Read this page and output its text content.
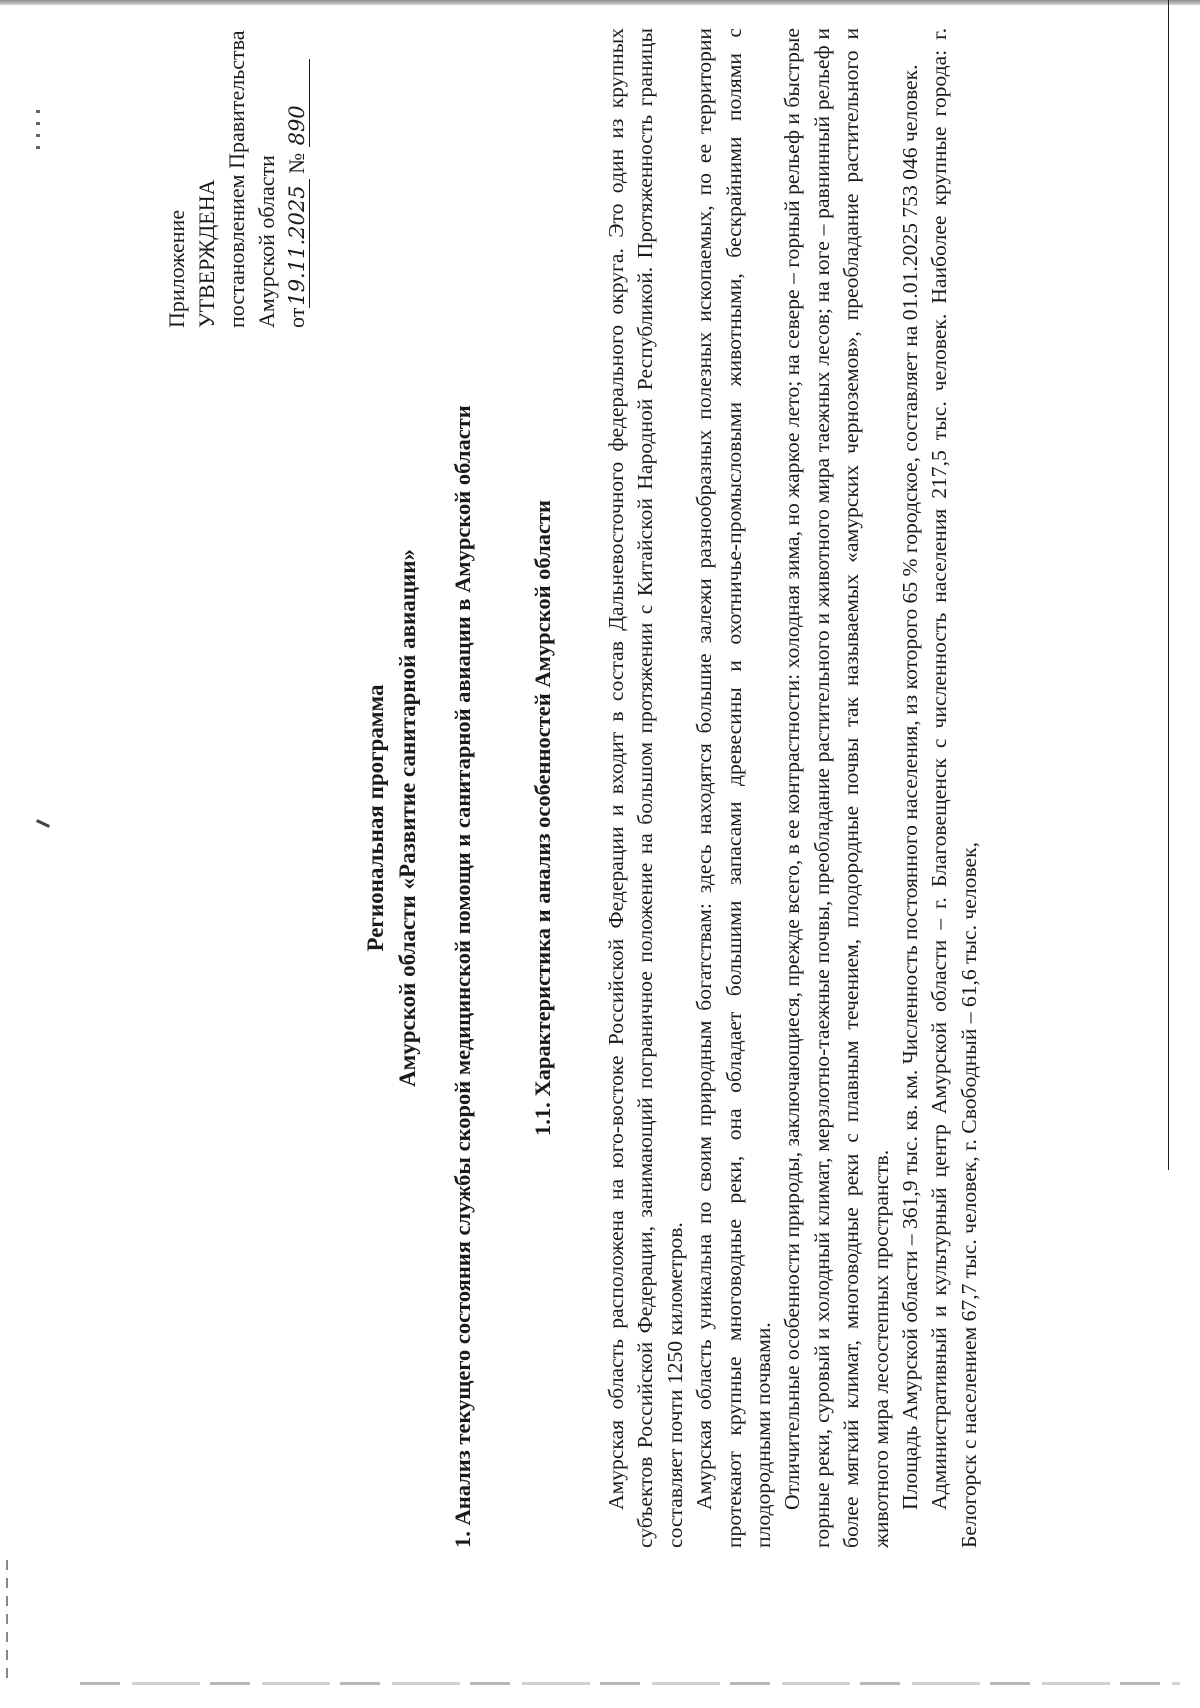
Приложение УТВЕРЖДЕНА постановлением Правительства Амурской области от19.11.2025 № 890
Региональная программа Амурской области «Развитие санитарной авиации» 1. Анализ текущего состояния службы скорой медицинской помощи и санитарной авиации в Амурской области 1.1. Характеристика и анализ особенностей Амурской области Амурская область расположена на юго-востоке Российской Федерации и входит в состав Дальневосточного федерального округа. Это один из крупных субъектов Российской Федерации, занимающий пограничное положение на большом протяжении с Китайской Народной Республикой. Протяженность границы составляет почти 1250 километров. Амурская область уникальна по своим природным богатствам: здесь находятся большие залежи разнообразных полезных ископаемых, по ее территории протекают крупные многоводные реки, она обладает большими запасами древесины и охотничье-промысловыми животными, бескрайними полями с плодородными почвами. Отличительные особенности природы, заключающиеся, прежде всего, в ее контрастности: холодная зима, но жаркое лето; на севере – горный рельеф и быстрые горные реки, суровый и холодный климат, мерзлотно-таежные почвы, преобладание растительного и животного мира таежных лесов; на юге – равнинный рельеф и более мягкий климат, многоводные реки с плавным течением, плодородные почвы так называемых «амурских черноземов», преобладание растительного и животного мира лесостепных пространств. Площадь Амурской области – 361,9 тыс. кв. км. Численность постоянного населения, из которого 65 % городское, составляет на 01.01.2025 753 046 человек. Административный и культурный центр Амурской области – г. Благовещенск с численность населения 217,5 тыс. человек. Наиболее крупные города: г. Белогорск с населением 67,7 тыс. человек, г. Свободный – 61,6 тыс. человек,
